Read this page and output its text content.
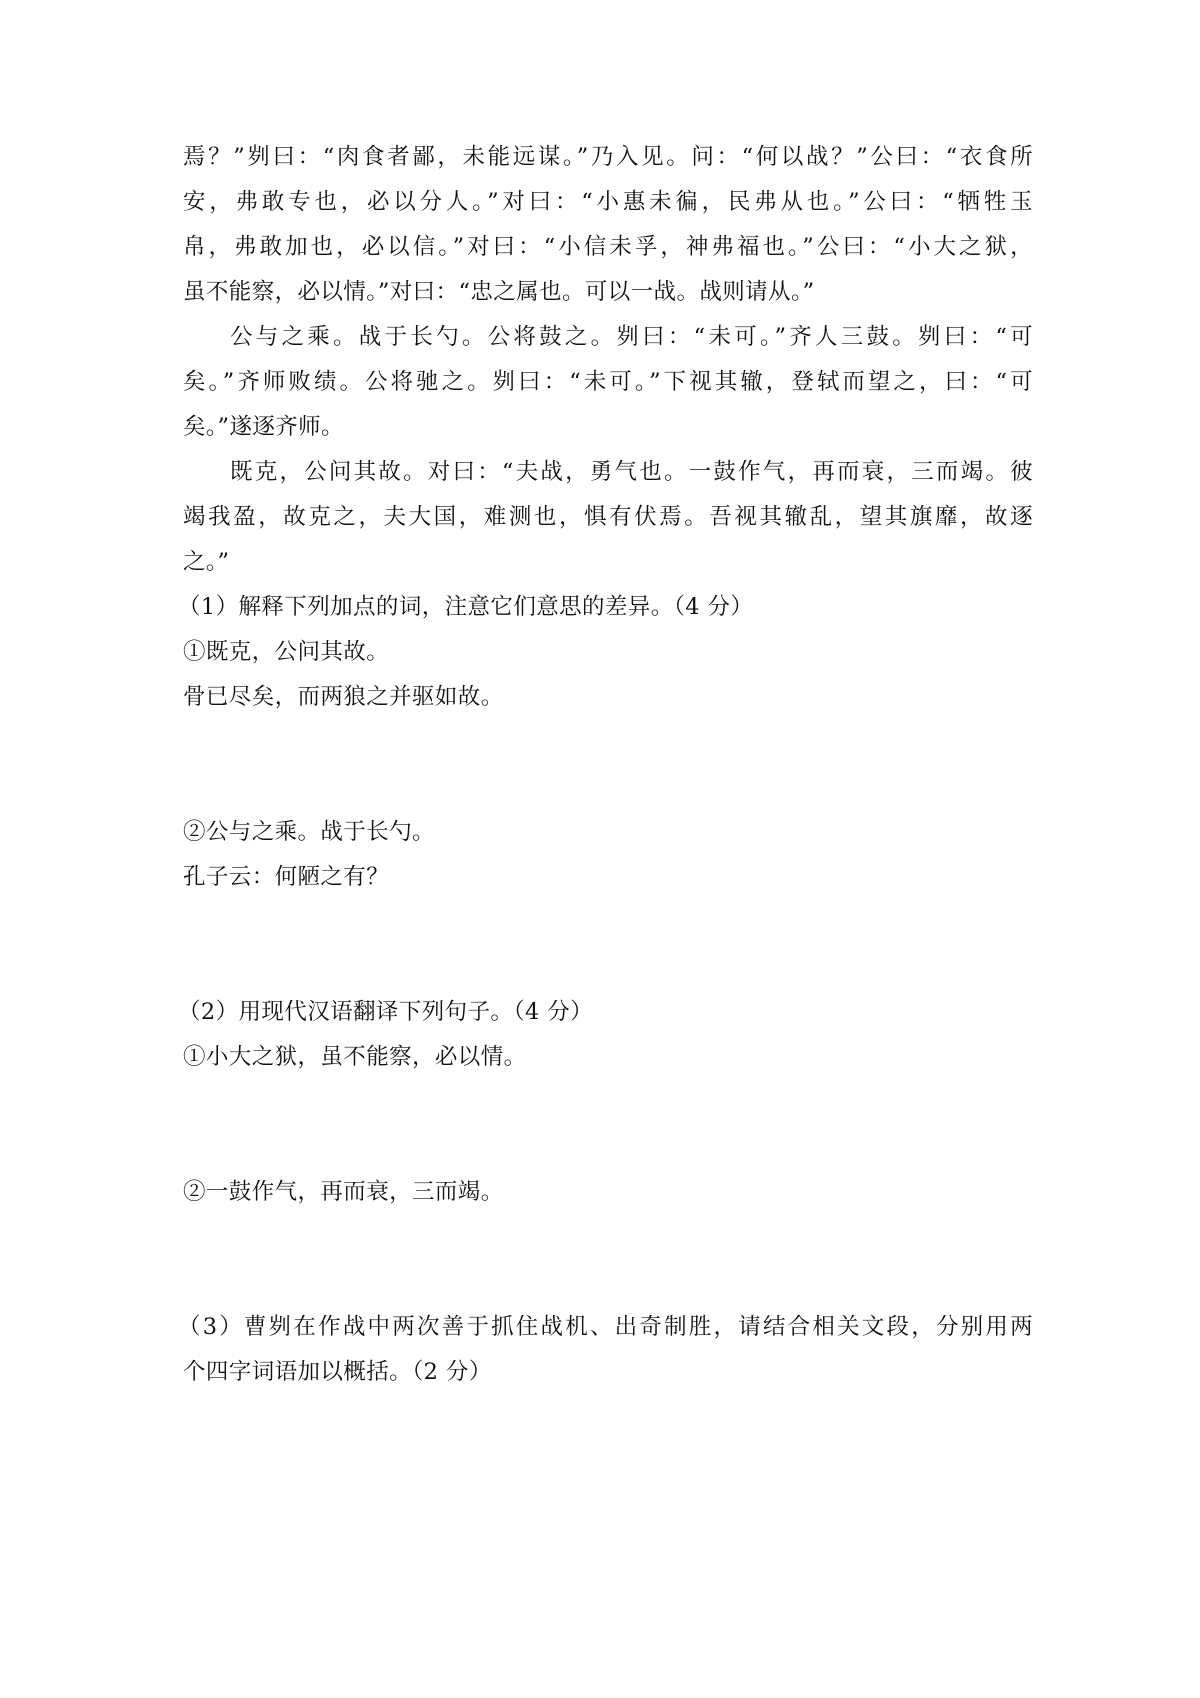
焉？”刿曰：“肉食者鄙，未能远谋。”乃入见。问：“何以战？”公曰：“衣食所
安，弗敢专也，必以分人。”对曰：“小惠未徧，民弗从也。”公曰：“牺牲玉
帛，弗敢加也，必以信。”对曰：“小信未孚，神弗福也。”公曰：“小大之狱，
虽不能察，必以情。”对曰：“忠之属也。可以一战。战则请从。”
公与之乘。战于长勺。公将鼓之。刿曰：“未可。”齐人三鼓。刿曰：“可
矣。”齐师败绩。公将驰之。刿曰：“未可。”下视其辙，登轼而望之，曰：“可
矣。”遂逐齐师。
既克，公问其故。对曰：“夫战，勇气也。一鼓作气，再而衰，三而竭。彼
竭我盈，故克之，夫大国，难测也，惧有伏焉。吾视其辙乱，望其旗靡，故逐
之。”
（1）解释下列加点的词，注意它们意思的差异。（4 分）
①既克，公问其故。
骨已尽矣，而两狼之并驱如故。
②公与之乘。战于长勺。
孔子云：何陋之有？
（2）用现代汉语翻译下列句子。（4 分）
①小大之狱，虽不能察，必以情。
②一鼓作气，再而衰，三而竭。
（3）曹刿在作战中两次善于抓住战机、出奇制胜，请结合相关文段，分别用两
个四字词语加以概括。（2 分）
